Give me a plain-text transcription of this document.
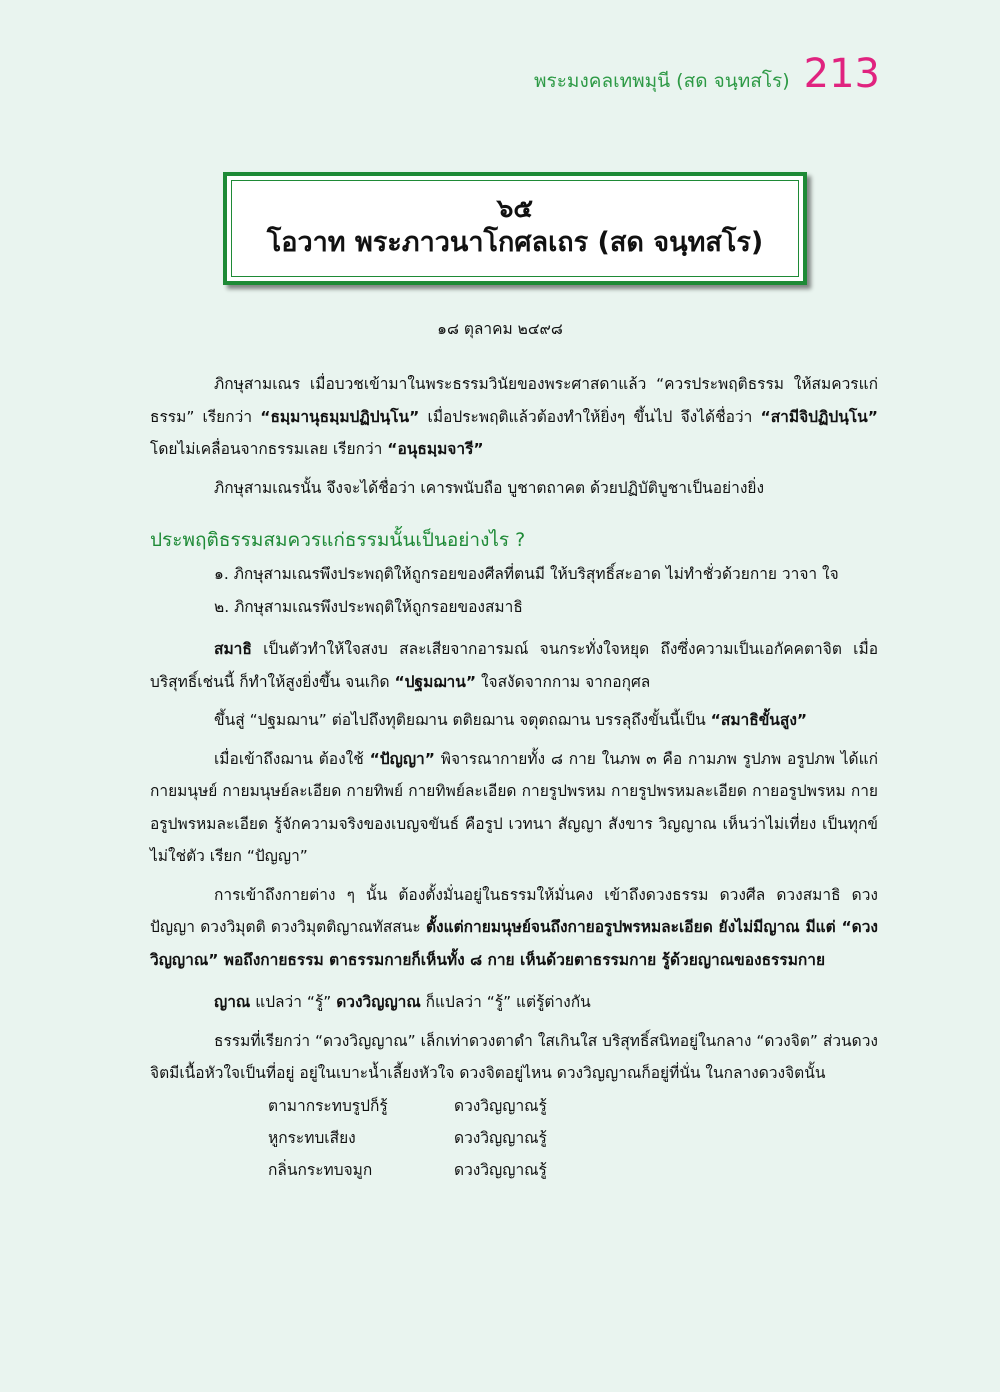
พระมงคลเทพมุนี (สด จนฺทสโร) 213
๖๕
โอวาท พระภาวนาโกศลเถร (สด จนฺทสโร)
๑๘ ตุลาคม ๒๔๙๘

ภิกษุสามเณร เมื่อบวชเข้ามาในพระธรรมวินัยของพระศาสดาแล้ว “ควรประพฤติธรรม ให้สมควรแก่ธรรม” เรียกว่า “ธมฺมานุธมฺมปฏิปนฺโน” เมื่อประพฤติแล้วต้องทำให้ยิ่งๆ ขึ้นไป จึงได้ชื่อว่า “สามีจิปฏิปนฺโน” โดยไม่เคลื่อนจากธรรมเลย เรียกว่า “อนุธมฺมจารี”

ภิกษุสามเณรนั้น จึงจะได้ชื่อว่า เคารพนับถือ บูชาตถาคต ด้วยปฏิบัติบูชาเป็นอย่างยิ่ง

ประพฤติธรรมสมควรแก่ธรรมนั้นเป็นอย่างไร ?

๑. ภิกษุสามเณรพึงประพฤติให้ถูกรอยของศีลที่ตนมี ให้บริสุทธิ์สะอาด ไม่ทำชั่วด้วยกาย วาจา ใจ

๒. ภิกษุสามเณรพึงประพฤติให้ถูกรอยของสมาธิ

สมาธิ เป็นตัวทำให้ใจสงบ สละเสียจากอารมณ์ จนกระทั่งใจหยุด ถึงซึ่งความเป็นเอกัคคตาจิต เมื่อบริสุทธิ์เช่นนี้ ก็ทำให้สูงยิ่งขึ้น จนเกิด “ปฐมฌาน” ใจสงัดจากกาม จากอกุศล

ขึ้นสู่ “ปฐมฌาน” ต่อไปถึงทุติยฌาน ตติยฌาน จตุตถฌาน บรรลุถึงขั้นนี้เป็น “สมาธิขั้นสูง”

เมื่อเข้าถึงฌาน ต้องใช้ “ปัญญา” พิจารณากายทั้ง ๘ กาย ในภพ ๓ คือ กามภพ รูปภพ อรูปภพ ได้แก่ กายมนุษย์ กายมนุษย์ละเอียด กายทิพย์ กายทิพย์ละเอียด กายรูปพรหม กายรูปพรหมละเอียด กายอรูปพรหม กายอรูปพรหมละเอียด รู้จักความจริงของเบญจขันธ์ คือรูป เวทนา สัญญา สังขาร วิญญาณ เห็นว่าไม่เที่ยง เป็นทุกข์ ไม่ใช่ตัว เรียก “ปัญญา”

การเข้าถึงกายต่าง ๆ นั้น ต้องตั้งมั่นอยู่ในธรรมให้มั่นคง เข้าถึงดวงธรรม ดวงศีล ดวงสมาธิ ดวงปัญญา ดวงวิมุตติ ดวงวิมุตติญาณทัสสนะ ตั้งแต่กายมนุษย์จนถึงกายอรูปพรหมละเอียด ยังไม่มีญาณ มีแต่ “ดวงวิญญาณ” พอถึงกายธรรม ตาธรรมกายก็เห็นทั้ง ๘ กาย เห็นด้วยตาธรรมกาย รู้ด้วยญาณของธรรมกาย

ญาณ แปลว่า “รู้” ดวงวิญญาณ ก็แปลว่า “รู้” แต่รู้ต่างกัน

ธรรมที่เรียกว่า “ดวงวิญญาณ” เล็กเท่าดวงตาดำ ใสเกินใส บริสุทธิ์สนิทอยู่ในกลาง “ดวงจิต” ส่วนดวงจิตมีเนื้อหัวใจเป็นที่อยู่ อยู่ในเบาะน้ำเลี้ยงหัวใจ ดวงจิตอยู่ไหน ดวงวิญญาณก็อยู่ที่นั่น ในกลางดวงจิตนั้น

ตามากระทบรูปก็รู้	ดวงวิญญาณรู้
หูกระทบเสียง	ดวงวิญญาณรู้
กลิ่นกระทบจมูก	ดวงวิญญาณรู้
